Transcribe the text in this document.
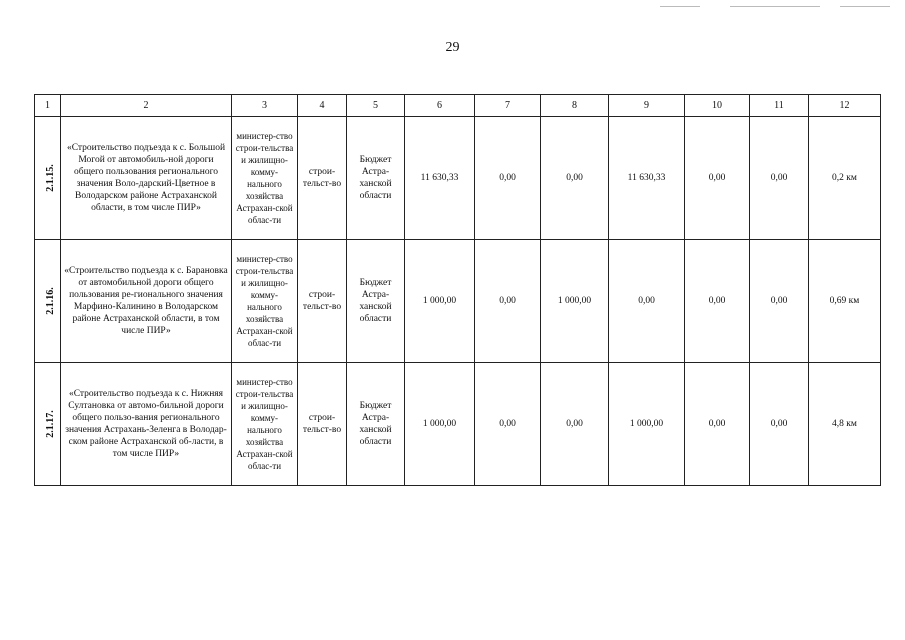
29
1	2	3	4	5	6	7	8	9	10	11	12
2.1.15.	«Строительство подъезда к с. Большой Могой от автомобиль-ной дороги общего пользования регионального значения Воло-дарский-Цветное в Володарском районе Астраханской области, в том числе ПИР»	министер-ство строи-тельства и жилищно-комму-нального хозяйства Астрахан-ской облас-ти	строи-тельст-во	Бюджет Астра-ханской области	11 630,33	0,00	0,00	11 630,33	0,00	0,00	0,2 км
2.1.16.	«Строительство подъезда к с. Барановка от автомобильной дороги общего пользования ре-гионального значения Марфино-Калинино в Володарском районе Астраханской области, в том числе ПИР»	министер-ство строи-тельства и жилищно-комму-нального хозяйства Астрахан-ской облас-ти	строи-тельст-во	Бюджет Астра-ханской области	1 000,00	0,00	1 000,00	0,00	0,00	0,00	0,69 км
2.1.17.	«Строительство подъезда к с. Нижняя Султановка от автомо-бильной дороги общего пользо-вания регионального значения Астрахань-Зеленга в Володар-ском районе Астраханской об-ласти, в том числе ПИР»	министер-ство строи-тельства и жилищно-комму-нального хозяйства Астрахан-ской облас-ти	строи-тельст-во	Бюджет Астра-ханской области	1 000,00	0,00	0,00	1 000,00	0,00	0,00	4,8 км
